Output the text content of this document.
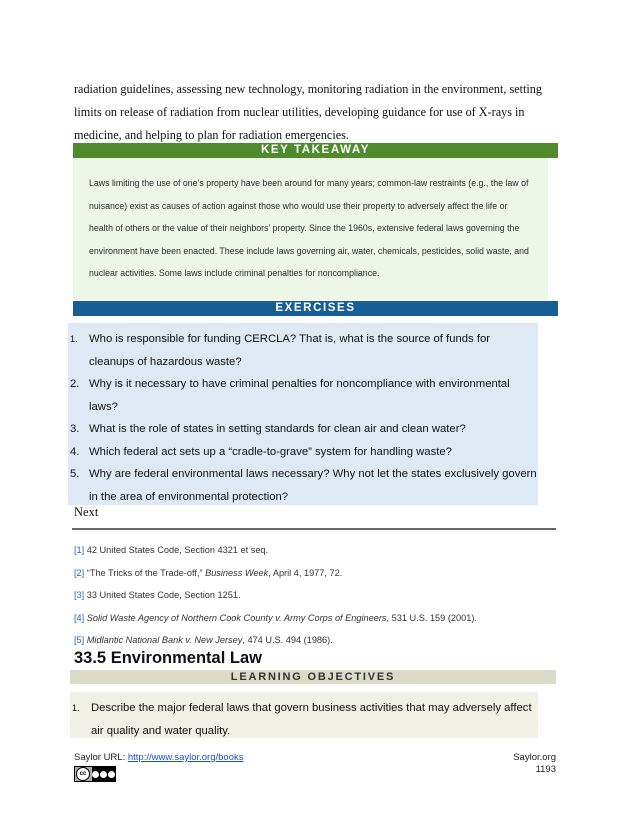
radiation guidelines, assessing new technology, monitoring radiation in the environment, setting limits on release of radiation from nuclear utilities, developing guidance for use of X-rays in medicine, and helping to plan for radiation emergencies.
KEY TAKEAWAY
Laws limiting the use of one’s property have been around for many years; common-law restraints (e.g., the law of nuisance) exist as causes of action against those who would use their property to adversely affect the life or health of others or the value of their neighbors’ property. Since the 1960s, extensive federal laws governing the environment have been enacted. These include laws governing air, water, chemicals, pesticides, solid waste, and nuclear activities. Some laws include criminal penalties for noncompliance.
EXERCISES
1.	Who is responsible for funding CERCLA? That is, what is the source of funds for cleanups of hazardous waste?
2. Why is it necessary to have criminal penalties for noncompliance with environmental laws?
3. What is the role of states in setting standards for clean air and clean water?
4. Which federal act sets up a “cradle-to-grave” system for handling waste?
5. Why are federal environmental laws necessary? Why not let the states exclusively govern in the area of environmental protection?
Next
[1] 42 United States Code, Section 4321 et seq.
[2] “The Tricks of the Trade-off,” Business Week, April 4, 1977, 72.
[3] 33 United States Code, Section 1251.
[4] Solid Waste Agency of Northern Cook County v. Army Corps of Engineers, 531 U.S. 159 (2001).
[5] Midlantic National Bank v. New Jersey, 474 U.S. 494 (1986).
33.5 Environmental Law
LEARNING OBJECTIVES
1. Describe the major federal laws that govern business activities that may adversely affect air quality and water quality.
Saylor URL: http://www.saylor.org/books	Saylor.org
1193
cc
